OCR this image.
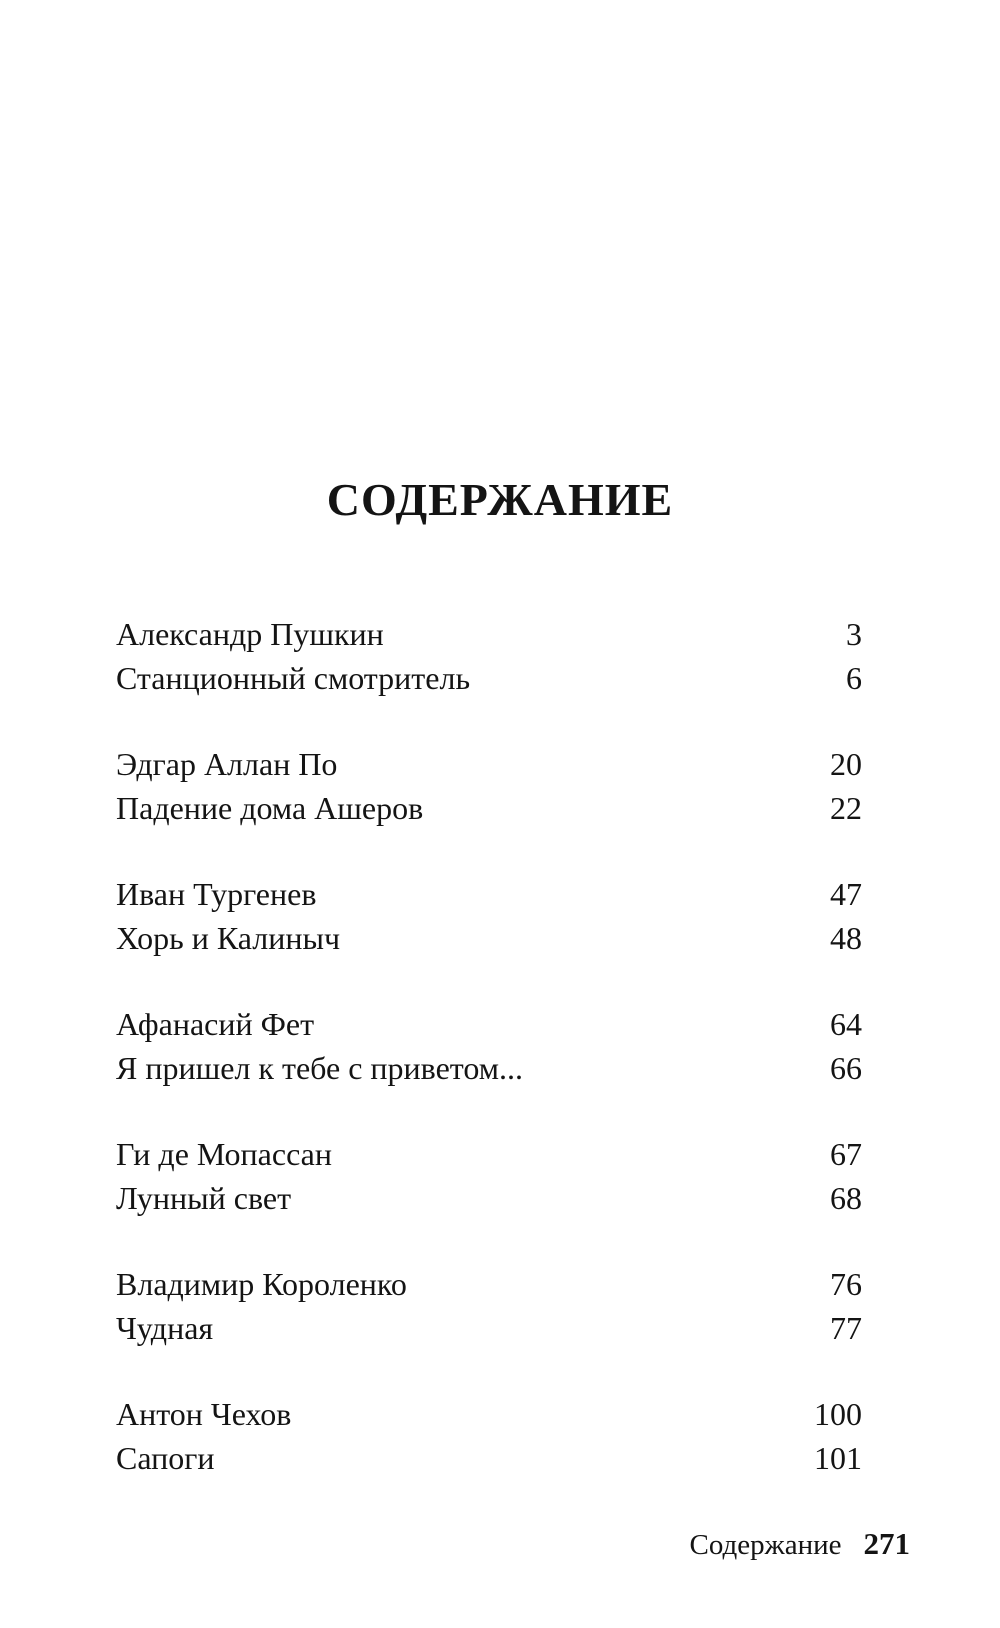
СОДЕРЖАНИЕ
Александр Пушкин	3
Станционный смотритель	6
Эдгар Аллан По	20
Падение дома Ашеров	22
Иван Тургенев	47
Хорь и Калиныч	48
Афанасий Фет	64
Я пришел к тебе с приветом...	66
Ги де Мопассан	67
Лунный свет	68
Владимир Короленко	76
Чудная	77
Антон Чехов	100
Сапоги	101
Содержание 271
